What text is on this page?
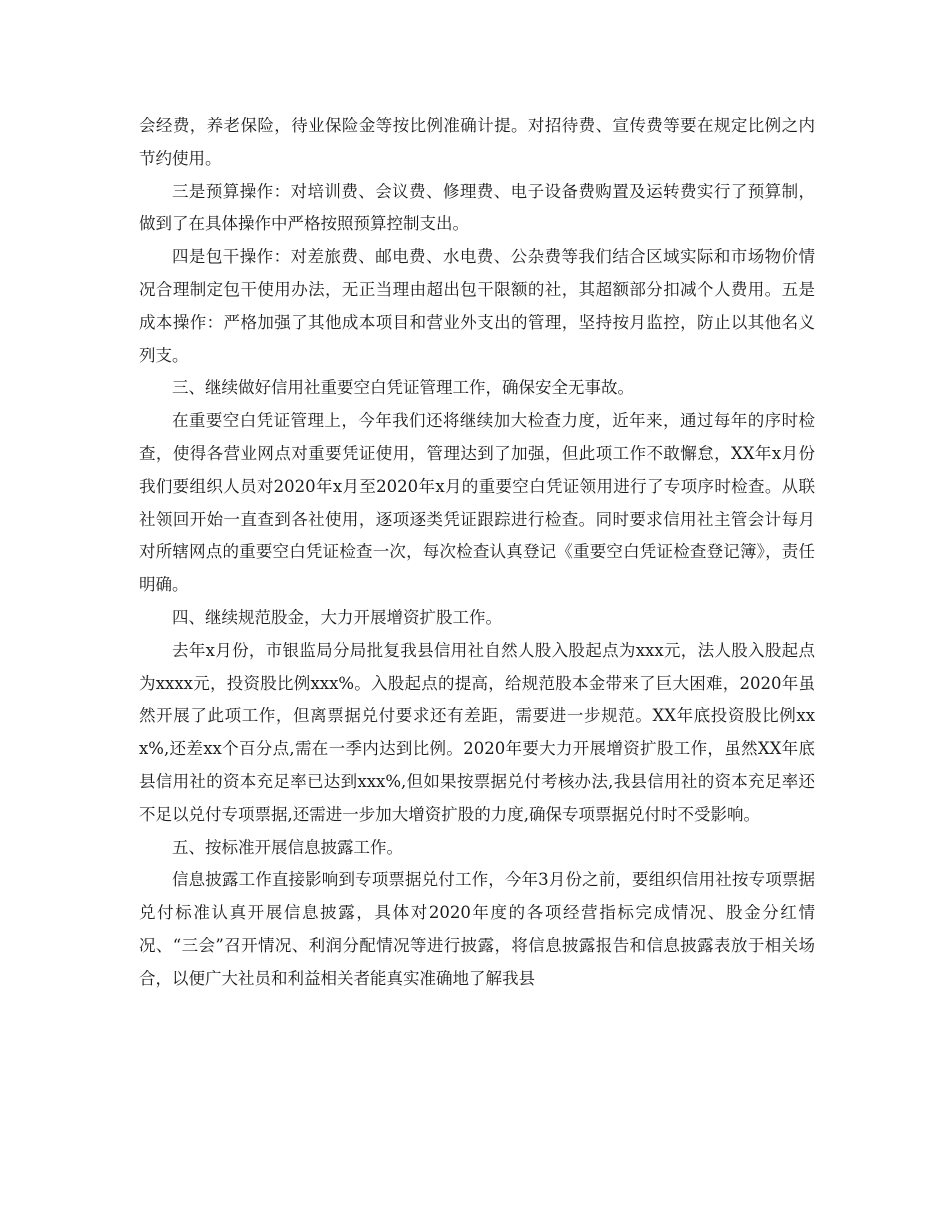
会经费，养老保险，待业保险金等按比例准确计提。对招待费、宣传费等要在规定比例之内节约使用。

三是预算操作：对培训费、会议费、修理费、电子设备费购置及运转费实行了预算制，做到了在具体操作中严格按照预算控制支出。

四是包干操作：对差旅费、邮电费、水电费、公杂费等我们结合区域实际和市场物价情况合理制定包干使用办法，无正当理由超出包干限额的社，其超额部分扣减个人费用。五是成本操作：严格加强了其他成本项目和营业外支出的管理，坚持按月监控，防止以其他名义列支。

三、继续做好信用社重要空白凭证管理工作，确保安全无事故。

在重要空白凭证管理上，今年我们还将继续加大检查力度，近年来，通过每年的序时检查，使得各营业网点对重要凭证使用，管理达到了加强，但此项工作不敢懈怠，XX年x月份我们要组织人员对2020年x月至2020年x月的重要空白凭证领用进行了专项序时检查。从联社领回开始一直查到各社使用，逐项逐类凭证跟踪进行检查。同时要求信用社主管会计每月对所辖网点的重要空白凭证检查一次，每次检查认真登记《重要空白凭证检查登记簿》，责任明确。

四、继续规范股金，大力开展增资扩股工作。

去年x月份，市银监局分局批复我县信用社自然人股入股起点为xxx元，法人股入股起点为xxxx元，投资股比例xxx%。入股起点的提高，给规范股本金带来了巨大困难，2020年虽然开展了此项工作，但离票据兑付要求还有差距，需要进一步规范。XX年底投资股比例xxx%,还差xx个百分点,需在一季内达到比例。2020年要大力开展增资扩股工作，虽然XX年底县信用社的资本充足率已达到xxx%,但如果按票据兑付考核办法,我县信用社的资本充足率还不足以兑付专项票据,还需进一步加大增资扩股的力度,确保专项票据兑付时不受影响。

五、按标准开展信息披露工作。

信息披露工作直接影响到专项票据兑付工作，今年3月份之前，要组织信用社按专项票据兑付标准认真开展信息披露，具体对2020年度的各项经营指标完成情况、股金分红情况、“三会”召开情况、利润分配情况等进行披露，将信息披露报告和信息披露表放于相关场合，以便广大社员和利益相关者能真实准确地了解我县
